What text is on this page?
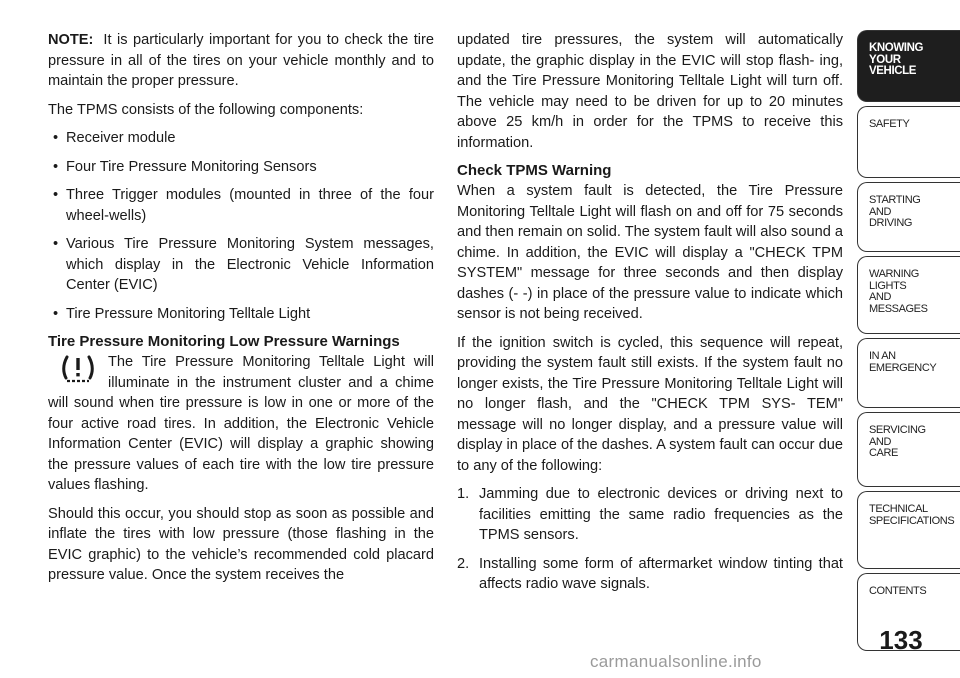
NOTE: It is particularly important for you to check the tire pressure in all of the tires on your vehicle monthly and to maintain the proper pressure.

The TPMS consists of the following components:

• Receiver module
• Four Tire Pressure Monitoring Sensors
• Three Trigger modules (mounted in three of the four wheel-wells)
• Various Tire Pressure Monitoring System messages, which display in the Electronic Vehicle Information Center (EVIC)
• Tire Pressure Monitoring Telltale Light
Tire Pressure Monitoring Low Pressure Warnings

The Tire Pressure Monitoring Telltale Light will illuminate in the instrument cluster and a chime will sound when tire pressure is low in one or more of the four active road tires. In addition, the Electronic Vehicle Information Center (EVIC) will display a graphic showing the pressure values of each tire with the low tire pressure values flashing.

Should this occur, you should stop as soon as possible and inflate the tires with low pressure (those flashing in the EVIC graphic) to the vehicle’s recommended cold placard pressure value. Once the system receives the

updated tire pressures, the system will automatically update, the graphic display in the EVIC will stop flash- ing, and the Tire Pressure Monitoring Telltale Light will turn off. The vehicle may need to be driven for up to 20 minutes above 25 km/h in order for the TPMS to receive this information.

Check TPMS Warning

When a system fault is detected, the Tire Pressure Monitoring Telltale Light will flash on and off for 75 seconds and then remain on solid. The system fault will also sound a chime. In addition, the EVIC will display a "CHECK TPM SYSTEM" message for three seconds and then display dashes (- -) in place of the pressure value to indicate which sensor is not being received.

If the ignition switch is cycled, this sequence will repeat, providing the system fault still exists. If the system fault no longer exists, the Tire Pressure Monitoring Telltale Light will no longer flash, and the "CHECK TPM SYS- TEM" message will no longer display, and a pressure value will display in place of the dashes. A system fault can occur due to any of the following:

1. Jamming due to electronic devices or driving next to facilities emitting the same radio frequencies as the TPMS sensors.
2. Installing some form of aftermarket window tinting that affects radio wave signals.
KNOWING
YOUR
VEHICLE
SAFETY
STARTING
AND
DRIVING
WARNING
LIGHTS
AND
MESSAGES
IN AN
EMERGENCY
SERVICING
AND
CARE
TECHNICAL
SPECIFICATIONS
CONTENTS
133
carmanualsonline.info
